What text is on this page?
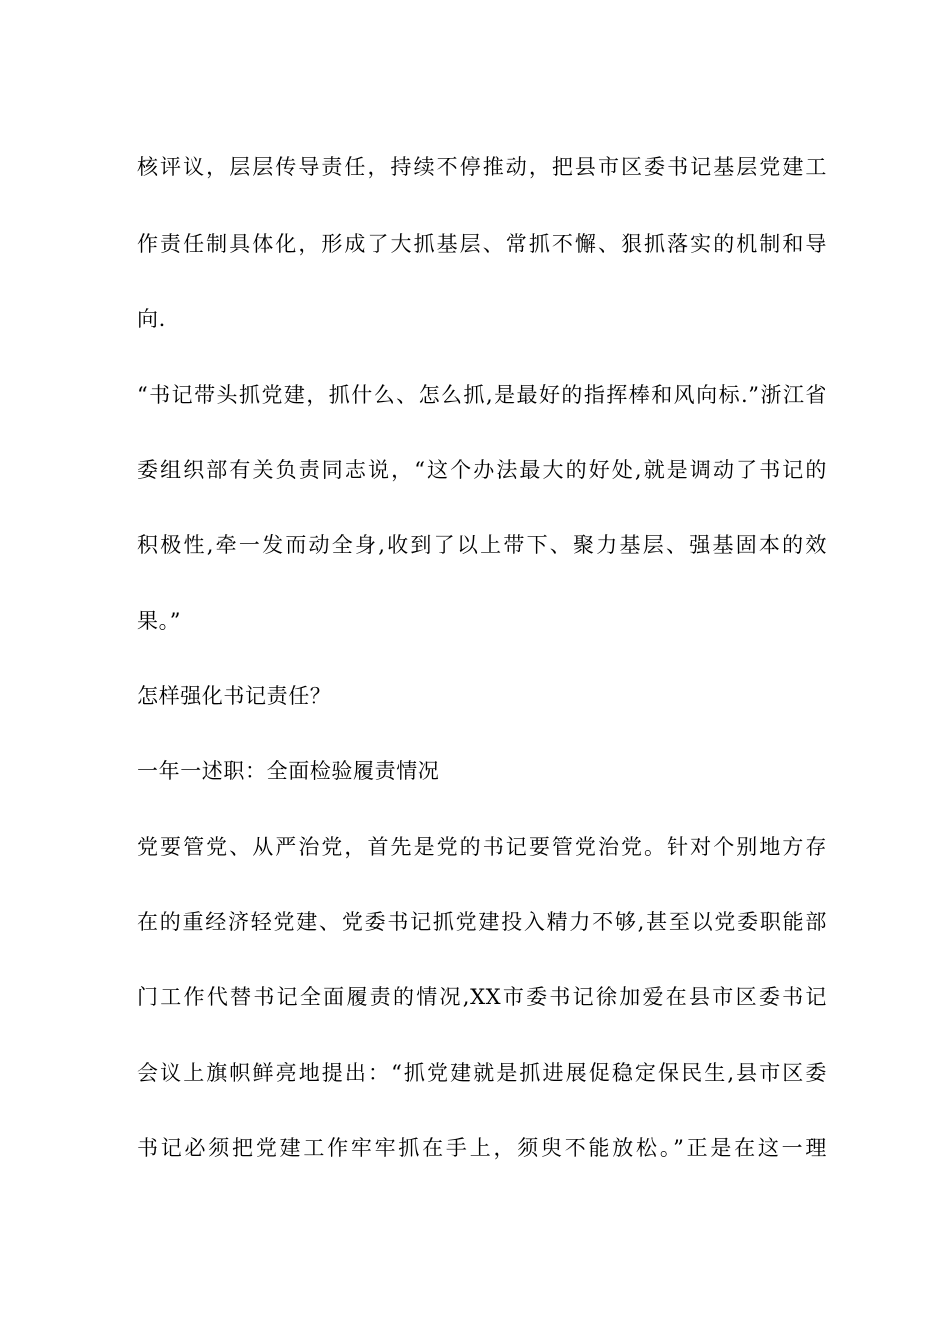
核评议，层层传导责任，持续不停推动，把县市区委书记基层党建工
作责任制具体化，形成了大抓基层、常抓不懈、狠抓落实的机制和导
向.
“书记带头抓党建，抓什么、怎么抓,是最好的指挥棒和风向标.”浙江省
委组织部有关负责同志说，“这个办法最大的好处,就是调动了书记的
积极性,牵一发而动全身,收到了以上带下、聚力基层、强基固本的效
果。”
怎样强化书记责任？
一年一述职：全面检验履责情况
党要管党、从严治党，首先是党的书记要管党治党。针对个别地方存
在的重经济轻党建、党委书记抓党建投入精力不够,甚至以党委职能部
门工作代替书记全面履责的情况,XX市委书记徐加爱在县市区委书记
会议上旗帜鲜亮地提出：“抓党建就是抓进展促稳定保民生,县市区委
书记必须把党建工作牢牢抓在手上，须臾不能放松。”正是在这一理
